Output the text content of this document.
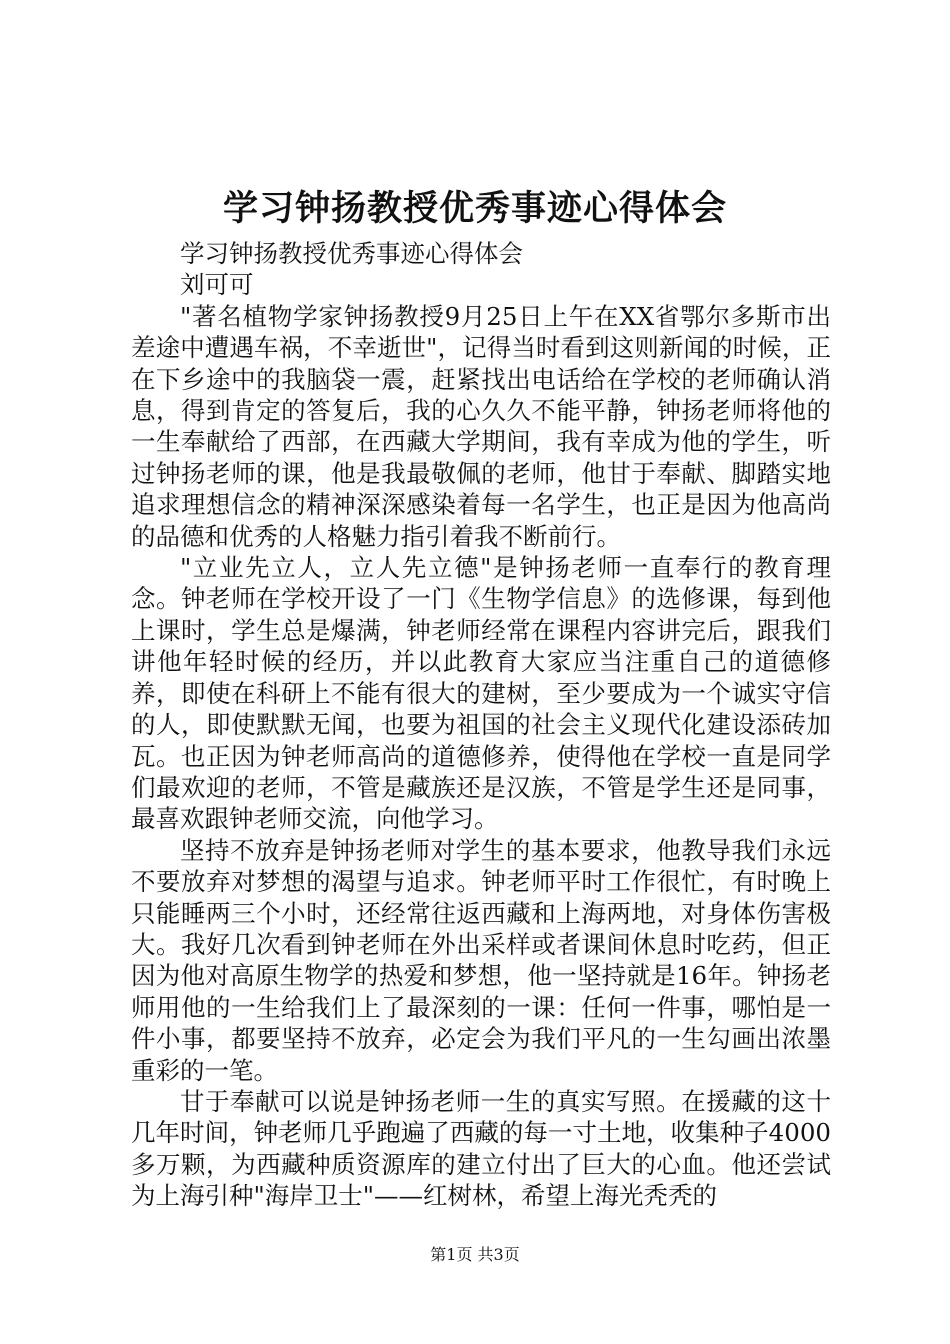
学习钟扬教授优秀事迹心得体会

学习钟扬教授优秀事迹心得体会

刘可可

"著名植物学家钟扬教授9月25日上午在XX省鄂尔多斯市出差途中遭遇车祸，不幸逝世"，记得当时看到这则新闻的时候，正在下乡途中的我脑袋一震，赶紧找出电话给在学校的老师确认消息，得到肯定的答复后，我的心久久不能平静，钟扬老师将他的一生奉献给了西部，在西藏大学期间，我有幸成为他的学生，听过钟扬老师的课，他是我最敬佩的老师，他甘于奉献、脚踏实地追求理想信念的精神深深感染着每一名学生，也正是因为他高尚的品德和优秀的人格魅力指引着我不断前行。

"立业先立人，立人先立德"是钟扬老师一直奉行的教育理念。钟老师在学校开设了一门《生物学信息》的选修课，每到他上课时，学生总是爆满，钟老师经常在课程内容讲完后，跟我们讲他年轻时候的经历，并以此教育大家应当注重自己的道德修养，即使在科研上不能有很大的建树，至少要成为一个诚实守信的人，即使默默无闻，也要为祖国的社会主义现代化建设添砖加瓦。也正因为钟老师高尚的道德修养，使得他在学校一直是同学们最欢迎的老师，不管是藏族还是汉族，不管是学生还是同事，最喜欢跟钟老师交流，向他学习。

坚持不放弃是钟扬老师对学生的基本要求，他教导我们永远不要放弃对梦想的渴望与追求。钟老师平时工作很忙，有时晚上只能睡两三个小时，还经常往返西藏和上海两地，对身体伤害极大。我好几次看到钟老师在外出采样或者课间休息时吃药，但正因为他对高原生物学的热爱和梦想，他一坚持就是16年。钟扬老师用他的一生给我们上了最深刻的一课：任何一件事，哪怕是一件小事，都要坚持不放弃，必定会为我们平凡的一生勾画出浓墨重彩的一笔。

甘于奉献可以说是钟扬老师一生的真实写照。在援藏的这十几年时间，钟老师几乎跑遍了西藏的每一寸土地，收集种子4000多万颗，为西藏种质资源库的建立付出了巨大的心血。他还尝试为上海引种"海岸卫士"——红树林，希望上海光秃秃的

第1页 共3页
